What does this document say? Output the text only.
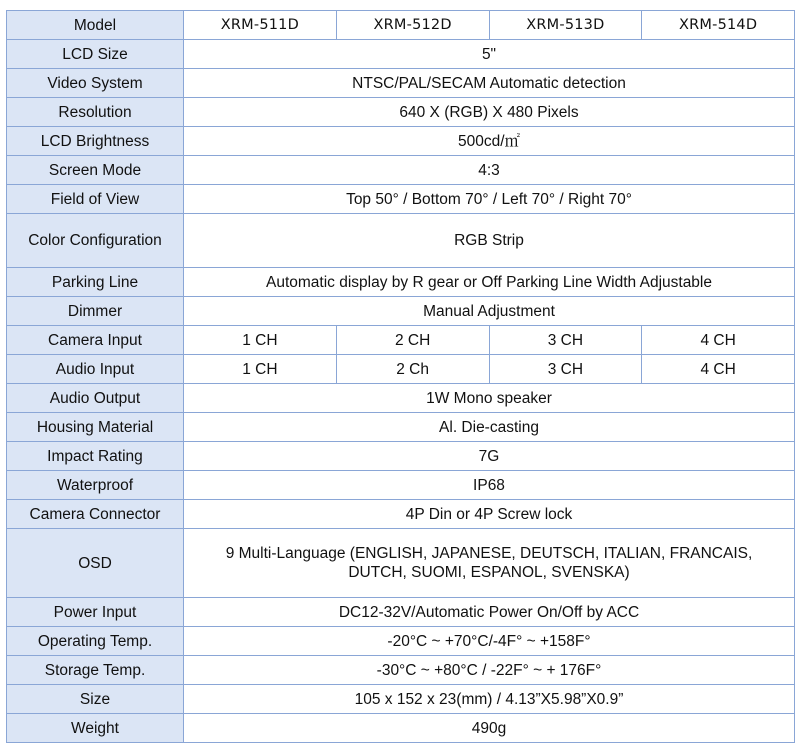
Model	XRM-511D	XRM-512D	XRM-513D	XRM-514D
LCD Size	5"			
Video System	NTSC/PAL/SECAM Automatic detection			
Resolution	640 X (RGB) X 480 Pixels			
LCD Brightness	500cd/㎡			
Screen Mode	4:3			
Field of View	Top 50° / Bottom 70° / Left 70° / Right 70°			
Color Configuration	RGB Strip			
Parking Line	Automatic display by R gear or Off Parking Line Width Adjustable			
Dimmer	Manual Adjustment			
Camera Input	1 CH	2 CH	3 CH	4 CH
Audio Input	1 CH	2 Ch	3 CH	4 CH
Audio Output	1W Mono speaker			
Housing Material	Al. Die-casting			
Impact Rating	7G			
Waterproof	IP68			
Camera Connector	4P Din or 4P Screw lock			
OSD	9 Multi-Language (ENGLISH, JAPANESE, DEUTSCH, ITALIAN, FRANCAIS,
DUTCH, SUOMI, ESPANOL, SVENSKA)			

Power Input	DC12-32V/Automatic Power On/Off by ACC			
Operating Temp.	-20°C ~ +70°C/-4F° ~ +158F°			
Storage Temp.	-30°C ~ +80°C / -22F° ~ + 176F°			
Size	105 x 152 x 23(mm) / 4.13”X5.98”X0.9”			
Weight	490g			
